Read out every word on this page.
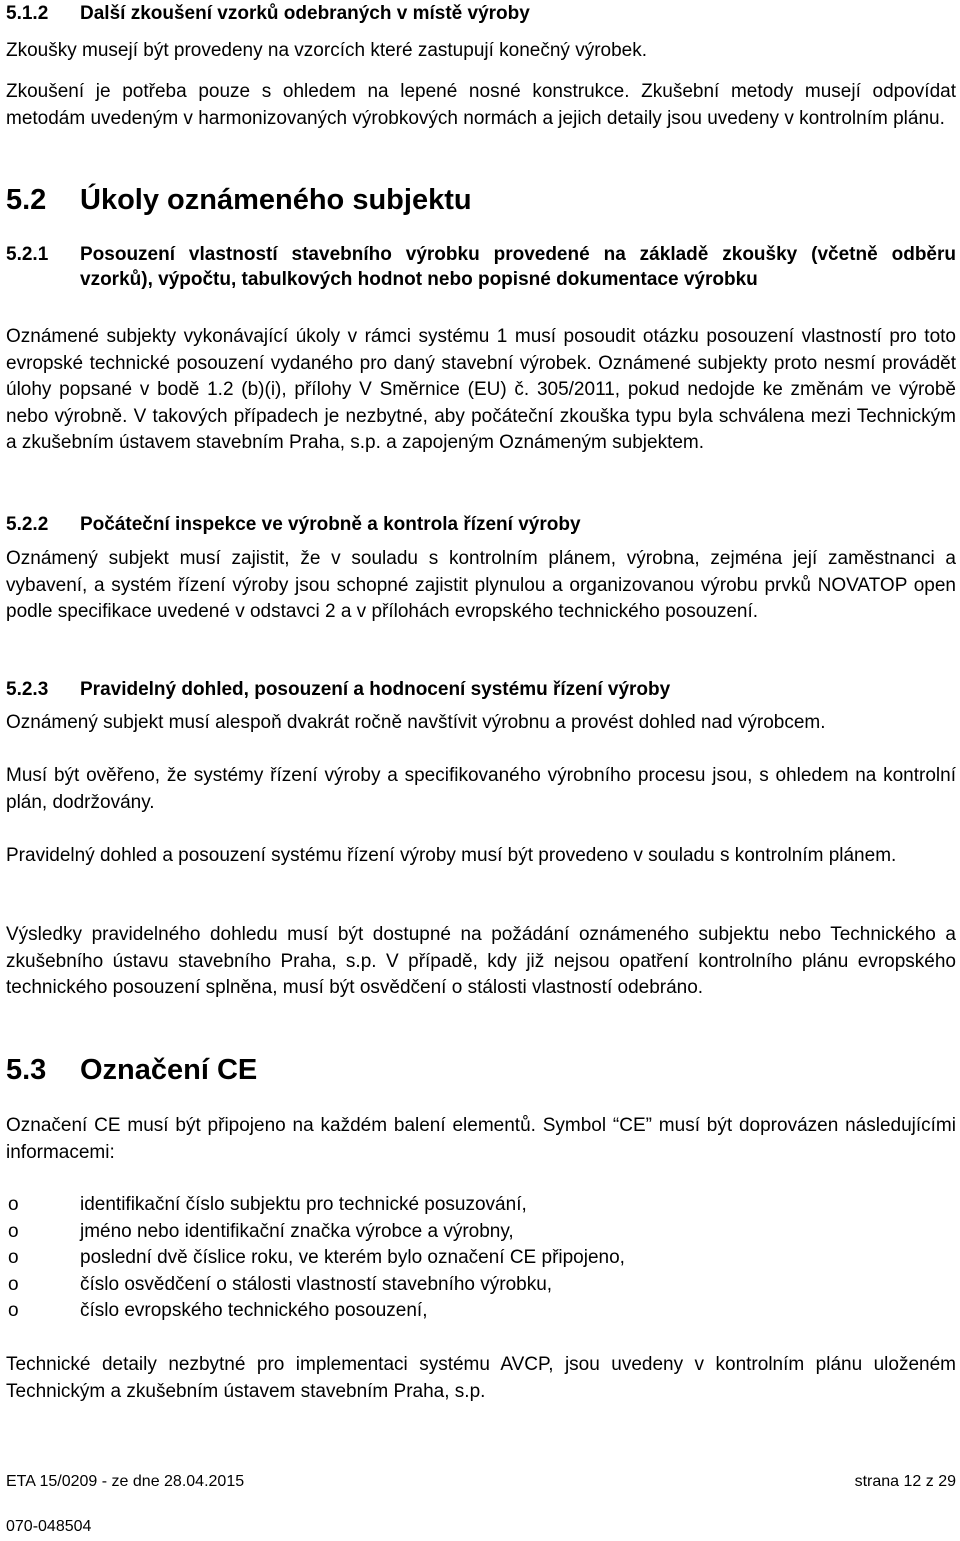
5.1.2	Další zkoušení vzorků odebraných v místě výroby

Zkoušky musejí být provedeny na vzorcích které zastupují konečný výrobek.

Zkoušení je potřeba pouze s ohledem na lepené nosné konstrukce. Zkušební metody musejí odpovídat metodám uvedeným v harmonizovaných výrobkových normách a jejich detaily jsou uvedeny v kontrolním plánu.

5.2	Úkoly oznámeného subjektu
5.2.1	Posouzení vlastností stavebního výrobku provedené na základě zkoušky (včetně odběru vzorků), výpočtu, tabulkových hodnot nebo popisné dokumentace výrobku

Oznámené subjekty vykonávající úkoly v rámci systému 1 musí posoudit otázku posouzení vlastností pro toto evropské technické posouzení vydaného pro daný stavební výrobek. Oznámené subjekty proto nesmí provádět úlohy popsané v bodě 1.2 (b)(i), přílohy V Směrnice (EU) č. 305/2011, pokud nedojde ke změnám ve výrobě nebo výrobně. V takových případech je nezbytné, aby počáteční zkouška typu byla schválena mezi Technickým a zkušebním ústavem stavebním Praha, s.p. a zapojeným Oznámeným subjektem.

5.2.2	Počáteční inspekce ve výrobně a kontrola řízení výroby

Oznámený subjekt musí zajistit, že v souladu s kontrolním plánem, výrobna, zejména její zaměstnanci a vybavení, a systém řízení výroby jsou schopné zajistit plynulou a organizovanou výrobu prvků NOVATOP open podle specifikace uvedené v odstavci 2 a v přílohách evropského technického posouzení.

5.2.3	Pravidelný dohled, posouzení a hodnocení systému řízení výroby

Oznámený subjekt musí alespoň dvakrát ročně navštívit výrobnu a provést dohled nad výrobcem.

Musí být ověřeno, že systémy řízení výroby a specifikovaného výrobního procesu jsou, s ohledem na kontrolní plán, dodržovány.

Pravidelný dohled a posouzení systému řízení výroby musí být provedeno v souladu s kontrolním plánem.

Výsledky pravidelného dohledu musí být dostupné na požádání oznámeného subjektu nebo Technického a zkušebního ústavu stavebního Praha, s.p. V případě, kdy již nejsou opatření kontrolního plánu evropského technického posouzení splněna, musí být osvědčení o stálosti vlastností odebráno.

5.3	Označení CE

Označení CE musí být připojeno na každém balení elementů. Symbol “CE” musí být doprovázen následujícími informacemi:

o	identifikační číslo subjektu pro technické posuzování,
o	jméno nebo identifikační značka výrobce a výrobny,
o	poslední dvě číslice roku, ve kterém bylo označení CE připojeno,
o	číslo osvědčení o stálosti vlastností stavebního výrobku,
o	číslo evropského technického posouzení,

Technické detaily nezbytné pro implementaci systému AVCP, jsou uvedeny v kontrolním plánu uloženém Technickým a zkušebním ústavem stavebním Praha, s.p.

ETA 15/0209 - ze dne 28.04.2015	strana 12 z 29
070-048504
